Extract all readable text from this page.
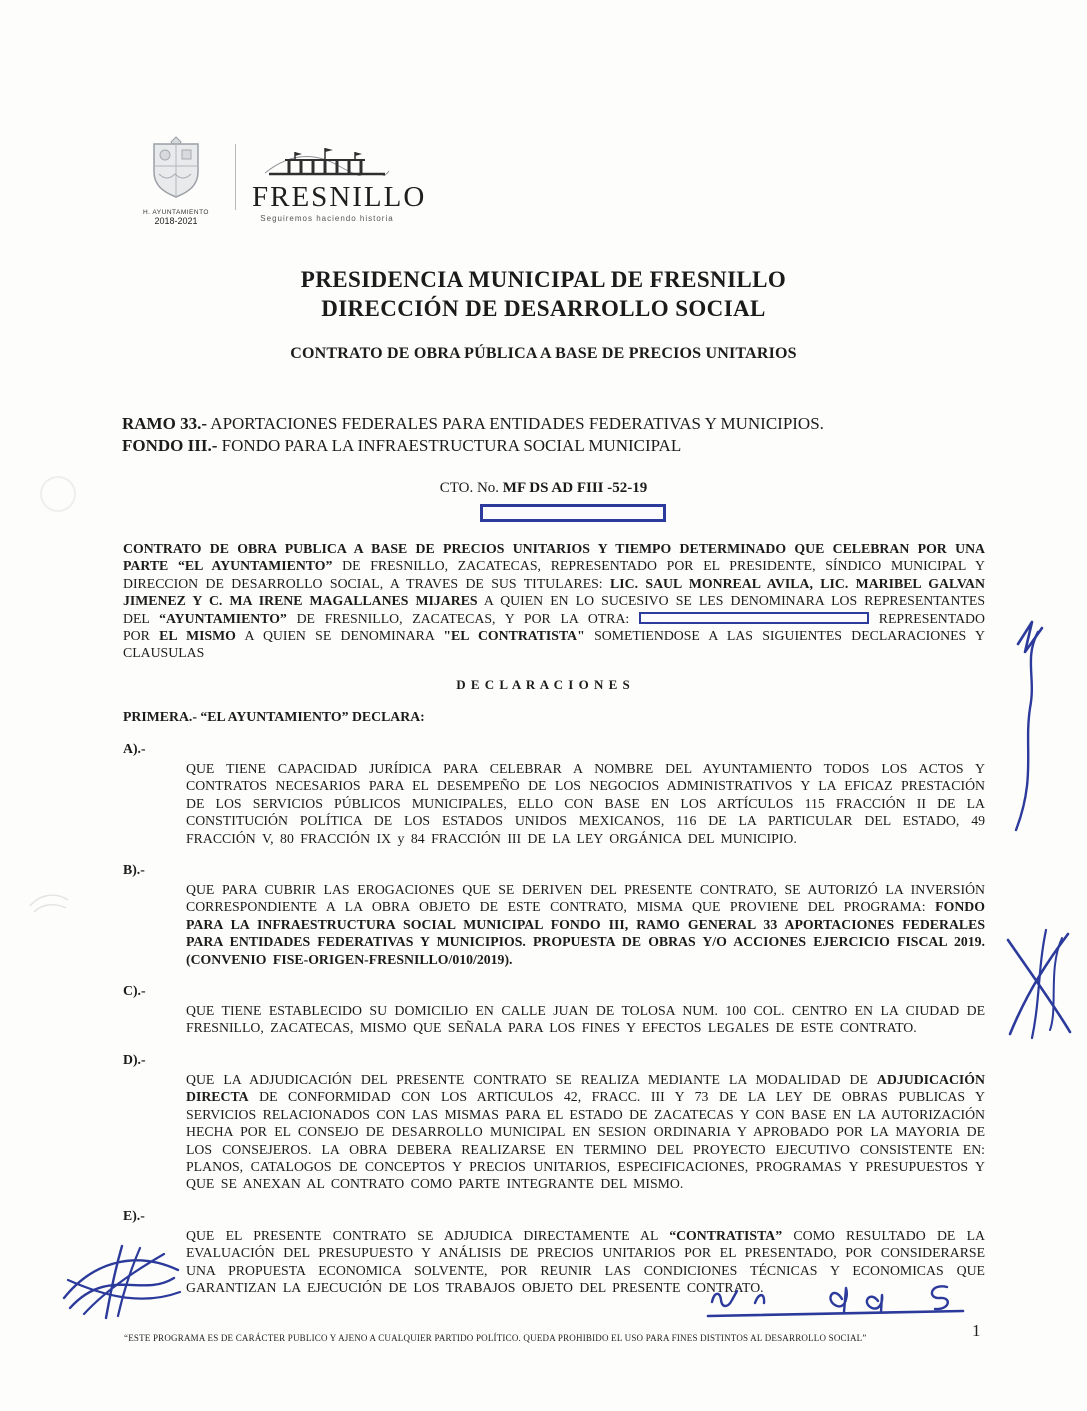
H. AYUNTAMIENTO
2018-2021
FRESNILLO
Seguiremos haciendo historia
PRESIDENCIA MUNICIPAL DE FRESNILLO
DIRECCIÓN DE DESARROLLO SOCIAL
CONTRATO DE OBRA PÚBLICA A BASE DE PRECIOS UNITARIOS
RAMO 33.- APORTACIONES FEDERALES PARA ENTIDADES FEDERATIVAS Y MUNICIPIOS.
FONDO III.- FONDO PARA LA INFRAESTRUCTURA SOCIAL MUNICIPAL
CTO. No. MF DS AD FIII -52-19

CONTRATO DE OBRA PUBLICA A BASE DE PRECIOS UNITARIOS Y TIEMPO DETERMINADO QUE CELEBRAN POR UNA PARTE “EL AYUNTAMIENTO” DE FRESNILLO, ZACATECAS, REPRESENTADO POR EL PRESIDENTE, SÍNDICO MUNICIPAL Y DIRECCION DE DESARROLLO SOCIAL, A TRAVES DE SUS TITULARES: LIC. SAUL MONREAL AVILA, LIC. MARIBEL GALVAN JIMENEZ Y C. MA IRENE MAGALLANES MIJARES A QUIEN EN LO SUCESIVO SE LES DENOMINARA LOS REPRESENTANTES DEL “AYUNTAMIENTO” DE FRESNILLO, ZACATECAS, Y POR LA OTRA:	REPRESENTADO POR EL MISMO A QUIEN SE DENOMINARA "EL CONTRATISTA" SOMETIENDOSE A LAS SIGUIENTES DECLARACIONES Y CLAUSULAS

D E C L A R A C I O N E S
PRIMERA.- “EL AYUNTAMIENTO” DECLARA:
A).-
QUE TIENE CAPACIDAD JURÍDICA PARA CELEBRAR A NOMBRE DEL AYUNTAMIENTO TODOS LOS ACTOS Y CONTRATOS NECESARIOS PARA EL DESEMPEÑO DE LOS NEGOCIOS ADMINISTRATIVOS Y LA EFICAZ PRESTACIÓN DE LOS SERVICIOS PÚBLICOS MUNICIPALES, ELLO CON BASE EN LOS ARTÍCULOS 115 FRACCIÓN II DE LA CONSTITUCIÓN POLÍTICA DE LOS ESTADOS UNIDOS MEXICANOS, 116 DE LA PARTICULAR DEL ESTADO, 49 FRACCIÓN V, 80 FRACCIÓN IX y 84 FRACCIÓN III DE LA LEY ORGÁNICA DEL MUNICIPIO.
B).-
QUE PARA CUBRIR LAS EROGACIONES QUE SE DERIVEN DEL PRESENTE CONTRATO, SE AUTORIZÓ LA INVERSIÓN CORRESPONDIENTE A LA OBRA OBJETO DE ESTE CONTRATO, MISMA QUE PROVIENE DEL PROGRAMA: FONDO PARA LA INFRAESTRUCTURA SOCIAL MUNICIPAL FONDO III, RAMO GENERAL 33 APORTACIONES FEDERALES PARA ENTIDADES FEDERATIVAS Y MUNICIPIOS. PROPUESTA DE OBRAS Y/O ACCIONES EJERCICIO FISCAL 2019. (CONVENIO FISE-ORIGEN-FRESNILLO/010/2019).
C).-
QUE TIENE ESTABLECIDO SU DOMICILIO EN CALLE JUAN DE TOLOSA NUM. 100 COL. CENTRO EN LA CIUDAD DE FRESNILLO, ZACATECAS, MISMO QUE SEÑALA PARA LOS FINES Y EFECTOS LEGALES DE ESTE CONTRATO.
D).-
QUE LA ADJUDICACIÓN DEL PRESENTE CONTRATO SE REALIZA MEDIANTE LA MODALIDAD DE ADJUDICACIÓN DIRECTA DE CONFORMIDAD CON LOS ARTICULOS 42, FRACC. III Y 73 DE LA LEY DE OBRAS PUBLICAS Y SERVICIOS RELACIONADOS CON LAS MISMAS PARA EL ESTADO DE ZACATECAS Y CON BASE EN LA AUTORIZACIÓN HECHA POR EL CONSEJO DE DESARROLLO MUNICIPAL EN SESION ORDINARIA Y APROBADO POR LA MAYORIA DE LOS CONSEJEROS. LA OBRA DEBERA REALIZARSE EN TERMINO DEL PROYECTO EJECUTIVO CONSISTENTE EN: PLANOS, CATALOGOS DE CONCEPTOS Y PRECIOS UNITARIOS, ESPECIFICACIONES, PROGRAMAS Y PRESUPUESTOS Y QUE SE ANEXAN AL CONTRATO COMO PARTE INTEGRANTE DEL MISMO.
E).-
QUE EL PRESENTE CONTRATO SE ADJUDICA DIRECTAMENTE AL “CONTRATISTA” COMO RESULTADO DE LA EVALUACIÓN DEL PRESUPUESTO Y ANÁLISIS DE PRECIOS UNITARIOS POR EL PRESENTADO, POR CONSIDERARSE UNA PROPUESTA ECONOMICA SOLVENTE, POR REUNIR LAS CONDICIONES TÉCNICAS Y ECONOMICAS QUE GARANTIZAN LA EJECUCIÓN DE LOS TRABAJOS OBJETO DEL PRESENTE CONTRATO.
“ESTE PROGRAMA ES DE CARÁCTER PUBLICO Y AJENO A CUALQUIER PARTIDO POLÍTICO. QUEDA PROHIBIDO EL USO PARA FINES DISTINTOS AL DESARROLLO SOCIAL”	1
